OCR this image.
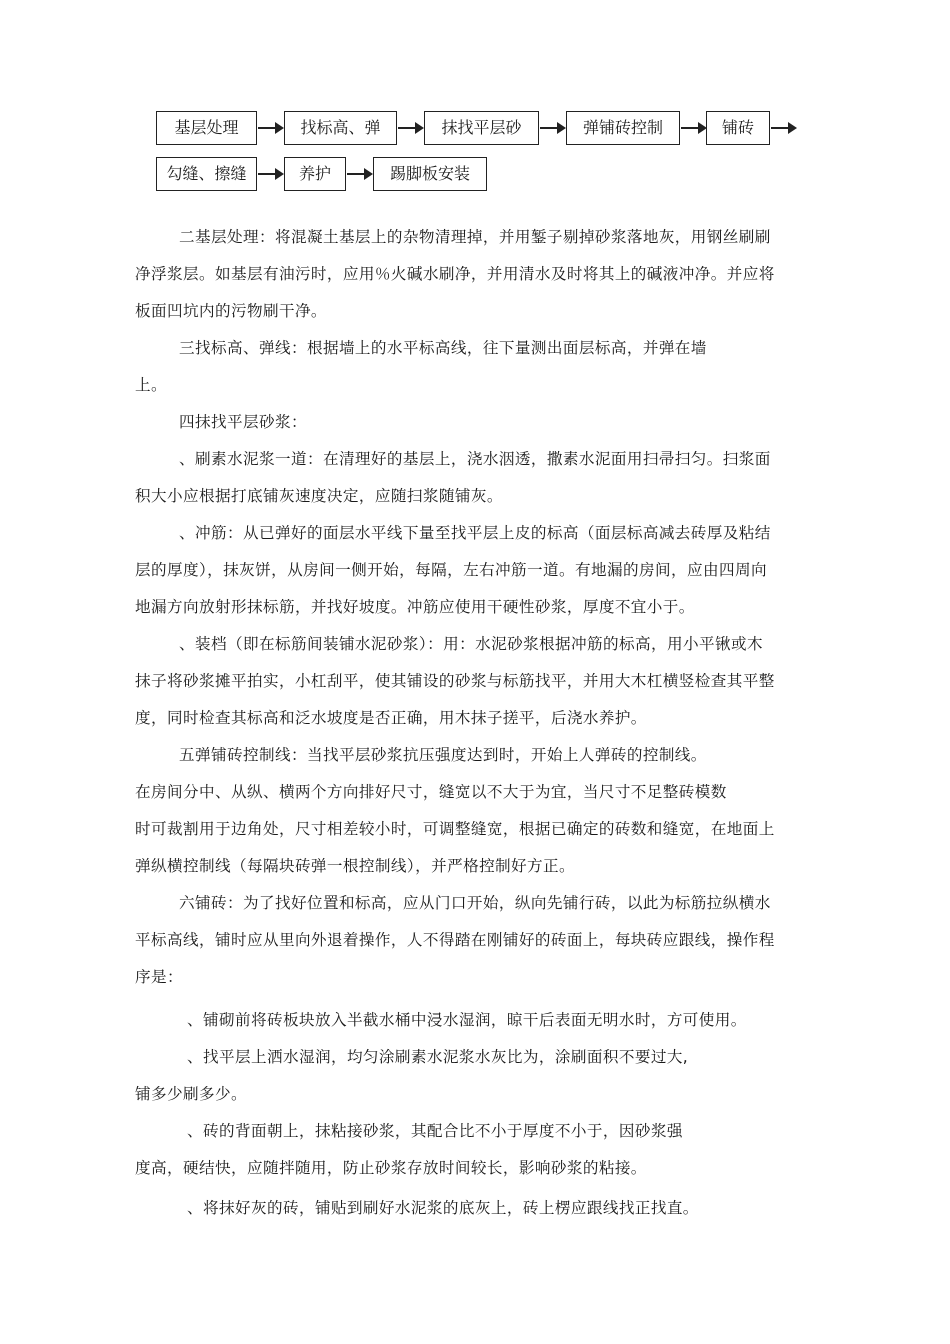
基层处理	找标高、弹	抹找平层砂	弹铺砖控制	铺砖
勾缝、擦缝	养护	踢脚板安装
二基层处理：将混凝土基层上的杂物清理掉，并用錾子剔掉砂浆落地灰，用钢丝刷刷
净浮浆层。如基层有油污时，应用％火碱水刷净，并用清水及时将其上的碱液冲净。并应将
板面凹坑内的污物刷干净。
三找标高、弹线：根据墙上的水平标高线，往下量测出面层标高，并弹在墙
上。
四抹找平层砂浆：
、刷素水泥浆一道：在清理好的基层上，浇水洇透，撒素水泥面用扫帚扫匀。扫浆面
积大小应根据打底铺灰速度决定，应随扫浆随铺灰。
、冲筋：从已弹好的面层水平线下量至找平层上皮的标高（面层标高减去砖厚及粘结
层的厚度），抹灰饼，从房间一侧开始，每隔，左右冲筋一道。有地漏的房间，应由四周向
地漏方向放射形抹标筋，并找好坡度。冲筋应使用干硬性砂浆，厚度不宜小于。
、装档（即在标筋间装铺水泥砂浆）：用：水泥砂浆根据冲筋的标高，用小平锹或木
抹子将砂浆摊平拍实，小杠刮平，使其铺设的砂浆与标筋找平，并用大木杠横竖检查其平整
度，同时检查其标高和泛水坡度是否正确，用木抹子搓平，后浇水养护。
五弹铺砖控制线：当找平层砂浆抗压强度达到时，开始上人弹砖的控制线。
在房间分中、从纵、横两个方向排好尺寸，缝宽以不大于为宜，当尺寸不足整砖模数
时可裁割用于边角处，尺寸相差较小时，可调整缝宽，根据已确定的砖数和缝宽，在地面上
弹纵横控制线（每隔块砖弹一根控制线），并严格控制好方正。
六铺砖：为了找好位置和标高，应从门口开始，纵向先铺行砖，以此为标筋拉纵横水
平标高线，铺时应从里向外退着操作，人不得踏在刚铺好的砖面上，每块砖应跟线，操作程
序是：
、铺砌前将砖板块放入半截水桶中浸水湿润，晾干后表面无明水时，方可使用。
、找平层上洒水湿润，均匀涂刷素水泥浆水灰比为，涂刷面积不要过大,
铺多少刷多少。
、砖的背面朝上，抹粘接砂浆，其配合比不小于厚度不小于，因砂浆强
度高，硬结快，应随拌随用，防止砂浆存放时间较长，影响砂浆的粘接。
、将抹好灰的砖，铺贴到刷好水泥浆的底灰上，砖上楞应跟线找正找直。
